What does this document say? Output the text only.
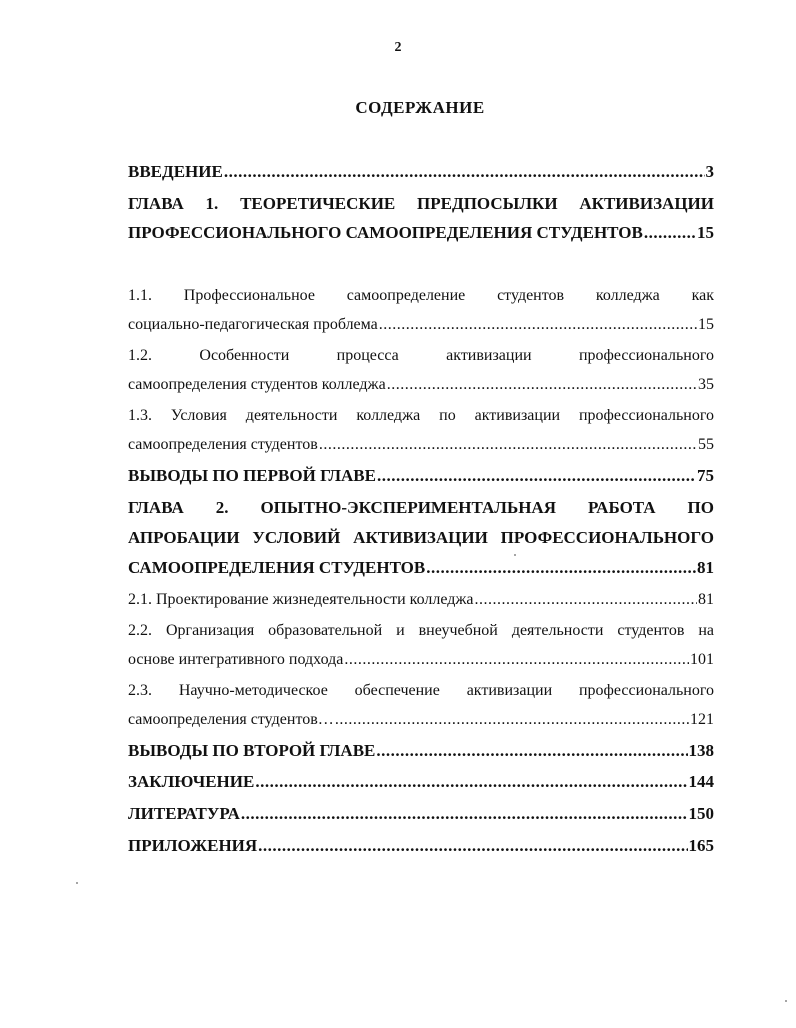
2
СОДЕРЖАНИЕ
ВВЕДЕНИЕ .....	3
ГЛАВА 1. ТЕОРЕТИЧЕСКИЕ ПРЕДПОСЫЛКИ АКТИВИЗАЦИИ
ПРОФЕССИОНАЛЬНОГО САМООПРЕДЕЛЕНИЯ СТУДЕНТОВ .....	15
1.1. Профессиональное самоопределение студентов колледжа как
социально-педагогическая проблема .....	15
1.2. Особенности процесса активизации профессионального
самоопределения студентов колледжа .....	35
1.3. Условия деятельности колледжа по активизации профессионального
самоопределения студентов .....	55
ВЫВОДЫ ПО ПЕРВОЙ ГЛАВЕ .....	75
ГЛАВА 2. ОПЫТНО-ЭКСПЕРИМЕНТАЛЬНАЯ РАБОТА ПО
АПРОБАЦИИ УСЛОВИЙ АКТИВИЗАЦИИ ПРОФЕССИОНАЛЬНОГО
САМООПРЕДЕЛЕНИЯ СТУДЕНТОВ .....	81
2.1. Проектирование жизнедеятельности колледжа .....	81
2.2. Организация образовательной и внеучебной деятельности студентов на
основе интегративного подхода .....	101
2.3. Научно-методическое обеспечение активизации профессионального
самоопределения студентов… .....	121
ВЫВОДЫ ПО ВТОРОЙ ГЛАВЕ .....	138
ЗАКЛЮЧЕНИЕ .....	144
ЛИТЕРАТУРА .....	150
ПРИЛОЖЕНИЯ .....	165
